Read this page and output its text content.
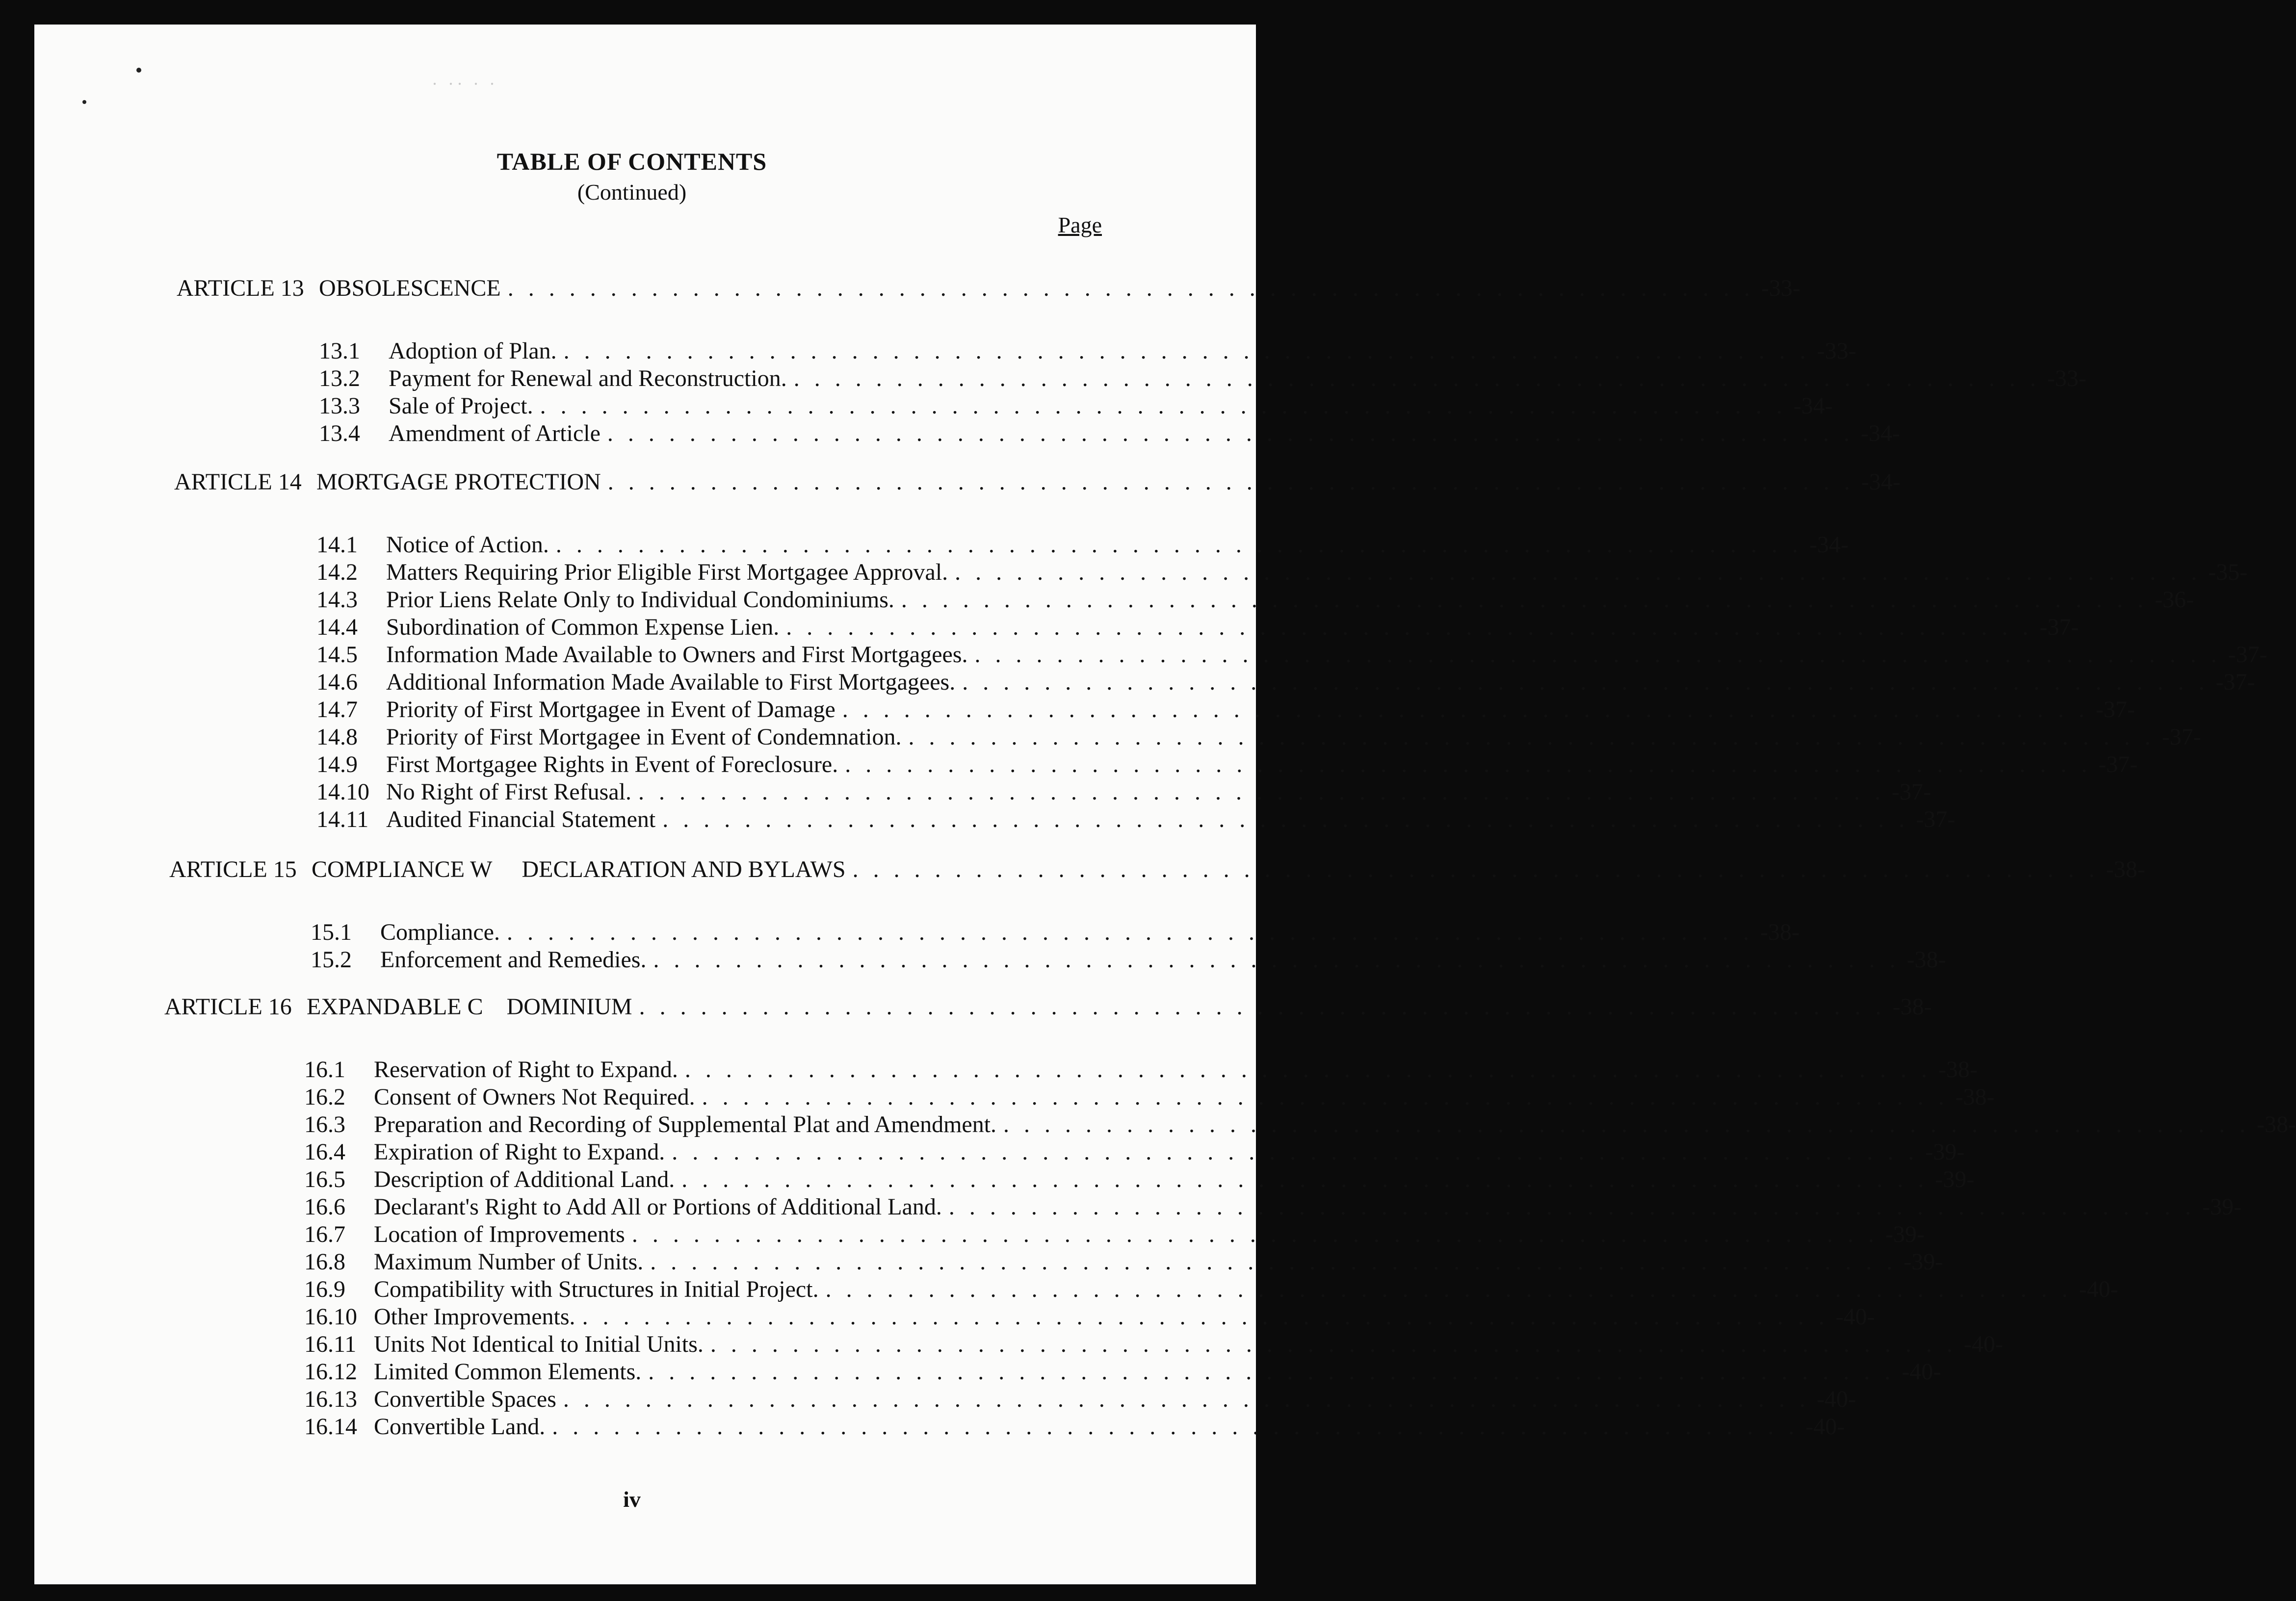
· ·· · ·
TABLE OF CONTENTS
(Continued)
Page
ARTICLE 13 OBSOLESCENCE . . . . . . . . . . . . . . . . . . . . . . . . . . . . . . . . . . . . . . . . . . . . . . . . . . . . . . . . . . . . . -33-
13.1	Adoption of Plan. . . . . . . . . . . . . . . . . . . . . . . . . . . . . . . . . . . . . . . . . . . . . . . . . . . . . . . . . . . . . . -33-
13.2	Payment for Renewal and Reconstruction. . . . . . . . . . . . . . . . . . . . . . . . . . . . . . . . . . . . . . . . . . . . . . . . . . . . . . . . . . . . . . -33-
13.3	Sale of Project. . . . . . . . . . . . . . . . . . . . . . . . . . . . . . . . . . . . . . . . . . . . . . . . . . . . . . . . . . . . . . -34-
13.4	Amendment of Article . . . . . . . . . . . . . . . . . . . . . . . . . . . . . . . . . . . . . . . . . . . . . . . . . . . . . . . . . . . . . -34-
ARTICLE 14 MORTGAGE PROTECTION . . . . . . . . . . . . . . . . . . . . . . . . . . . . . . . . . . . . . . . . . . . . . . . . . . . . . . . . . . . . . -34-
14.1	Notice of Action. . . . . . . . . . . . . . . . . . . . . . . . . . . . . . . . . . . . . . . . . . . . . . . . . . . . . . . . . . . . . . -34-
14.2	Matters Requiring Prior Eligible First Mortgagee Approval. . . . . . . . . . . . . . . . . . . . . . . . . . . . . . . . . . . . . . . . . . . . . . . . . . . . . . . . . . . . . . -35-
14.3	Prior Liens Relate Only to Individual Condominiums. . . . . . . . . . . . . . . . . . . . . . . . . . . . . . . . . . . . . . . . . . . . . . . . . . . . . . . . . . . . . . -36-
14.4	Subordination of Common Expense Lien. . . . . . . . . . . . . . . . . . . . . . . . . . . . . . . . . . . . . . . . . . . . . . . . . . . . . . . . . . . . . . -37-
14.5	Information Made Available to Owners and First Mortgagees. . . . . . . . . . . . . . . . . . . . . . . . . . . . . . . . . . . . . . . . . . . . . . . . . . . . . . . . . . . . . . -37-
14.6	Additional Information Made Available to First Mortgagees. . . . . . . . . . . . . . . . . . . . . . . . . . . . . . . . . . . . . . . . . . . . . . . . . . . . . . . . . . . . . . -37-
14.7	Priority of First Mortgagee in Event of Damage . . . . . . . . . . . . . . . . . . . . . . . . . . . . . . . . . . . . . . . . . . . . . . . . . . . . . . . . . . . . . -37-
14.8	Priority of First Mortgagee in Event of Condemnation. . . . . . . . . . . . . . . . . . . . . . . . . . . . . . . . . . . . . . . . . . . . . . . . . . . . . . . . . . . . . . -37-
14.9	First Mortgagee Rights in Event of Foreclosure. . . . . . . . . . . . . . . . . . . . . . . . . . . . . . . . . . . . . . . . . . . . . . . . . . . . . . . . . . . . . . -37-
14.10 No Right of First Refusal. . . . . . . . . . . . . . . . . . . . . . . . . . . . . . . . . . . . . . . . . . . . . . . . . . . . . . . . . . . . . . -37-
14.11 Audited Financial Statement . . . . . . . . . . . . . . . . . . . . . . . . . . . . . . . . . . . . . . . . . . . . . . . . . . . . . . . . . . . . . -37-
ARTICLE 15 COMPLIANCE W     DECLARATION AND BYLAWS . . . . . . . . . . . . . . . . . . . . . . . . . . . . . . . . . . . . . . . . . . . . . . . . . . . . . . . . . . . . . -38-
15.1	Compliance. . . . . . . . . . . . . . . . . . . . . . . . . . . . . . . . . . . . . . . . . . . . . . . . . . . . . . . . . . . . . . -38-
15.2	Enforcement and Remedies. . . . . . . . . . . . . . . . . . . . . . . . . . . . . . . . . . . . . . . . . . . . . . . . . . . . . . . . . . . . . . -38-
ARTICLE 16 EXPANDABLE C    DOMINIUM . . . . . . . . . . . . . . . . . . . . . . . . . . . . . . . . . . . . . . . . . . . . . . . . . . . . . . . . . . . . . -38-
16.1	Reservation of Right to Expand. . . . . . . . . . . . . . . . . . . . . . . . . . . . . . . . . . . . . . . . . . . . . . . . . . . . . . . . . . . . . . -38-
16.2	Consent of Owners Not Required. . . . . . . . . . . . . . . . . . . . . . . . . . . . . . . . . . . . . . . . . . . . . . . . . . . . . . . . . . . . . . -38-
16.3	Preparation and Recording of Supplemental Plat and Amendment. . . . . . . . . . . . . . . . . . . . . . . . . . . . . . . . . . . . . . . . . . . . . . . . . . . . . . . . . . . . . . -38-
16.4	Expiration of Right to Expand. . . . . . . . . . . . . . . . . . . . . . . . . . . . . . . . . . . . . . . . . . . . . . . . . . . . . . . . . . . . . . -39-
16.5	Description of Additional Land. . . . . . . . . . . . . . . . . . . . . . . . . . . . . . . . . . . . . . . . . . . . . . . . . . . . . . . . . . . . . . -39-
16.6	Declarant's Right to Add All or Portions of Additional Land. . . . . . . . . . . . . . . . . . . . . . . . . . . . . . . . . . . . . . . . . . . . . . . . . . . . . . . . . . . . . . -39-
16.7	Location of Improvements . . . . . . . . . . . . . . . . . . . . . . . . . . . . . . . . . . . . . . . . . . . . . . . . . . . . . . . . . . . . . -39-
16.8	Maximum Number of Units. . . . . . . . . . . . . . . . . . . . . . . . . . . . . . . . . . . . . . . . . . . . . . . . . . . . . . . . . . . . . . -39-
16.9	Compatibility with Structures in Initial Project. . . . . . . . . . . . . . . . . . . . . . . . . . . . . . . . . . . . . . . . . . . . . . . . . . . . . . . . . . . . . . -40-
16.10 Other Improvements. . . . . . . . . . . . . . . . . . . . . . . . . . . . . . . . . . . . . . . . . . . . . . . . . . . . . . . . . . . . . . -40-
16.11 Units Not Identical to Initial Units. . . . . . . . . . . . . . . . . . . . . . . . . . . . . . . . . . . . . . . . . . . . . . . . . . . . . . . . . . . . . . -40-
16.12 Limited Common Elements. . . . . . . . . . . . . . . . . . . . . . . . . . . . . . . . . . . . . . . . . . . . . . . . . . . . . . . . . . . . . . -40-
16.13 Convertible Spaces . . . . . . . . . . . . . . . . . . . . . . . . . . . . . . . . . . . . . . . . . . . . . . . . . . . . . . . . . . . . . -40-
16.14 Convertible Land. . . . . . . . . . . . . . . . . . . . . . . . . . . . . . . . . . . . . . . . . . . . . . . . . . . . . . . . . . . . . . -40-
iv
